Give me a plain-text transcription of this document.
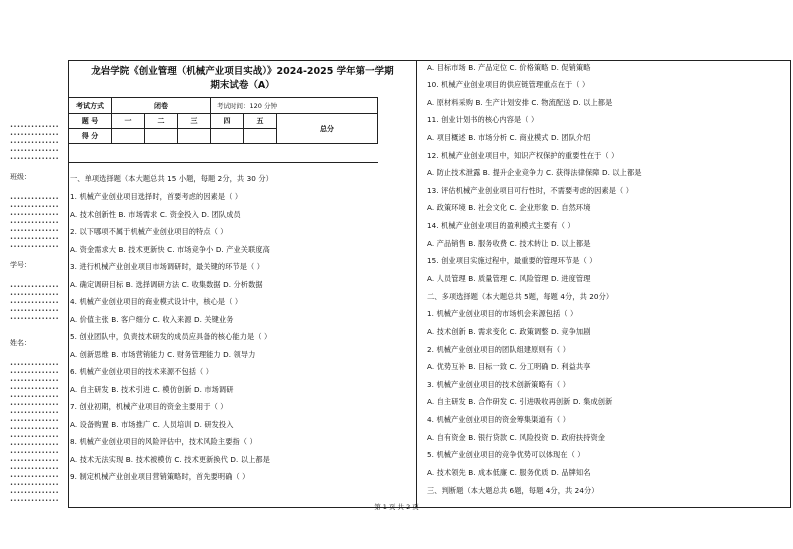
••••••••••••••
••••••••••••••
••••••••••••••
••••••••••••••
••••••••••••••
班级：
••••••••••••••
••••••••••••••
••••••••••••••
••••••••••••••
••••••••••••••
••••••••••••••
••••••••••••••
学号：
••••••••••••••
••••••••••••••
••••••••••••••
••••••••••••••
••••••••••••••
姓名：
••••••••••••••
••••••••••••••
••••••••••••••
••••••••••••••
••••••••••••••
••••••••••••••
••••••••••••••
••••••••••••••
••••••••••••••
••••••••••••••
••••••••••••••
••••••••••••••
••••••••••••••
••••••••••••••
••••••••••••••
••••••••••••••
••••••••••••••
••••••••••••••
龙岩学院《创业管理（机械产业项目实战）》2024-2025 学年第一学期
期末试卷（A）
考试方式	闭卷			考试时间：120 分钟		
题 号	一	二	三	四	五	总分
得 分						
一、单项选择题（本大题总共 15 小题，每题 2分，共 30 分）
1. 机械产业创业项目选择时，首要考虑的因素是（ ）
A. 技术创新性 B. 市场需求 C. 资金投入 D. 团队成员
2. 以下哪项不属于机械产业创业项目的特点（ ）
A. 资金需求大 B. 技术更新快 C. 市场竞争小 D. 产业关联度高
3. 进行机械产业创业项目市场调研时，最关键的环节是（ ）
A. 确定调研目标 B. 选择调研方法 C. 收集数据 D. 分析数据
4. 机械产业创业项目的商业模式设计中，核心是（ ）
A. 价值主张 B. 客户细分 C. 收入来源 D. 关键业务
5. 创业团队中，负责技术研发的成员应具备的核心能力是（ ）
A. 创新思维 B. 市场营销能力 C. 财务管理能力 D. 领导力
6. 机械产业创业项目的技术来源不包括（ ）
A. 自主研发 B. 技术引进 C. 模仿创新 D. 市场调研
7. 创业初期，机械产业项目的资金主要用于（ ）
A. 设备购置 B. 市场推广 C. 人员培训 D. 研发投入
8. 机械产业创业项目的风险评估中，技术风险主要指（ ）
A. 技术无法实现 B. 技术被模仿 C. 技术更新换代 D. 以上都是
9. 制定机械产业创业项目营销策略时，首先要明确（ ）
A. 目标市场 B. 产品定位 C. 价格策略 D. 促销策略
10. 机械产业创业项目的供应链管理重点在于（ ）
A. 原材料采购 B. 生产计划安排 C. 物流配送 D. 以上都是
11. 创业计划书的核心内容是（ ）
A. 项目概述 B. 市场分析 C. 商业模式 D. 团队介绍
12. 机械产业创业项目中，知识产权保护的重要性在于（ ）
A. 防止技术泄露 B. 提升企业竞争力 C. 获得法律保障 D. 以上都是
13. 评估机械产业创业项目可行性时，不需要考虑的因素是（ ）
A. 政策环境 B. 社会文化 C. 企业形象 D. 自然环境
14. 机械产业创业项目的盈利模式主要有（ ）
A. 产品销售 B. 服务收费 C. 技术转让 D. 以上都是
15. 创业项目实施过程中，最重要的管理环节是（ ）
A. 人员管理 B. 质量管理 C. 风险管理 D. 进度管理
二、多项选择题（本大题总共 5题，每题 4分，共 20分）
1. 机械产业创业项目的市场机会来源包括（ ）
A. 技术创新 B. 需求变化 C. 政策调整 D. 竞争加剧
2. 机械产业创业项目的团队组建原则有（ ）
A. 优势互补 B. 目标一致 C. 分工明确 D. 利益共享
3. 机械产业创业项目的技术创新策略有（ ）
A. 自主研发 B. 合作研发 C. 引进吸收再创新 D. 集成创新
4. 机械产业创业项目的资金筹集渠道有（ ）
A. 自有资金 B. 银行贷款 C. 风险投资 D. 政府扶持资金
5. 机械产业创业项目的竞争优势可以体现在（ ）
A. 技术领先 B. 成本低廉 C. 服务优质 D. 品牌知名
三、判断题（本大题总共 6题，每题 4分，共 24分）
第 1 页 共 2 页
